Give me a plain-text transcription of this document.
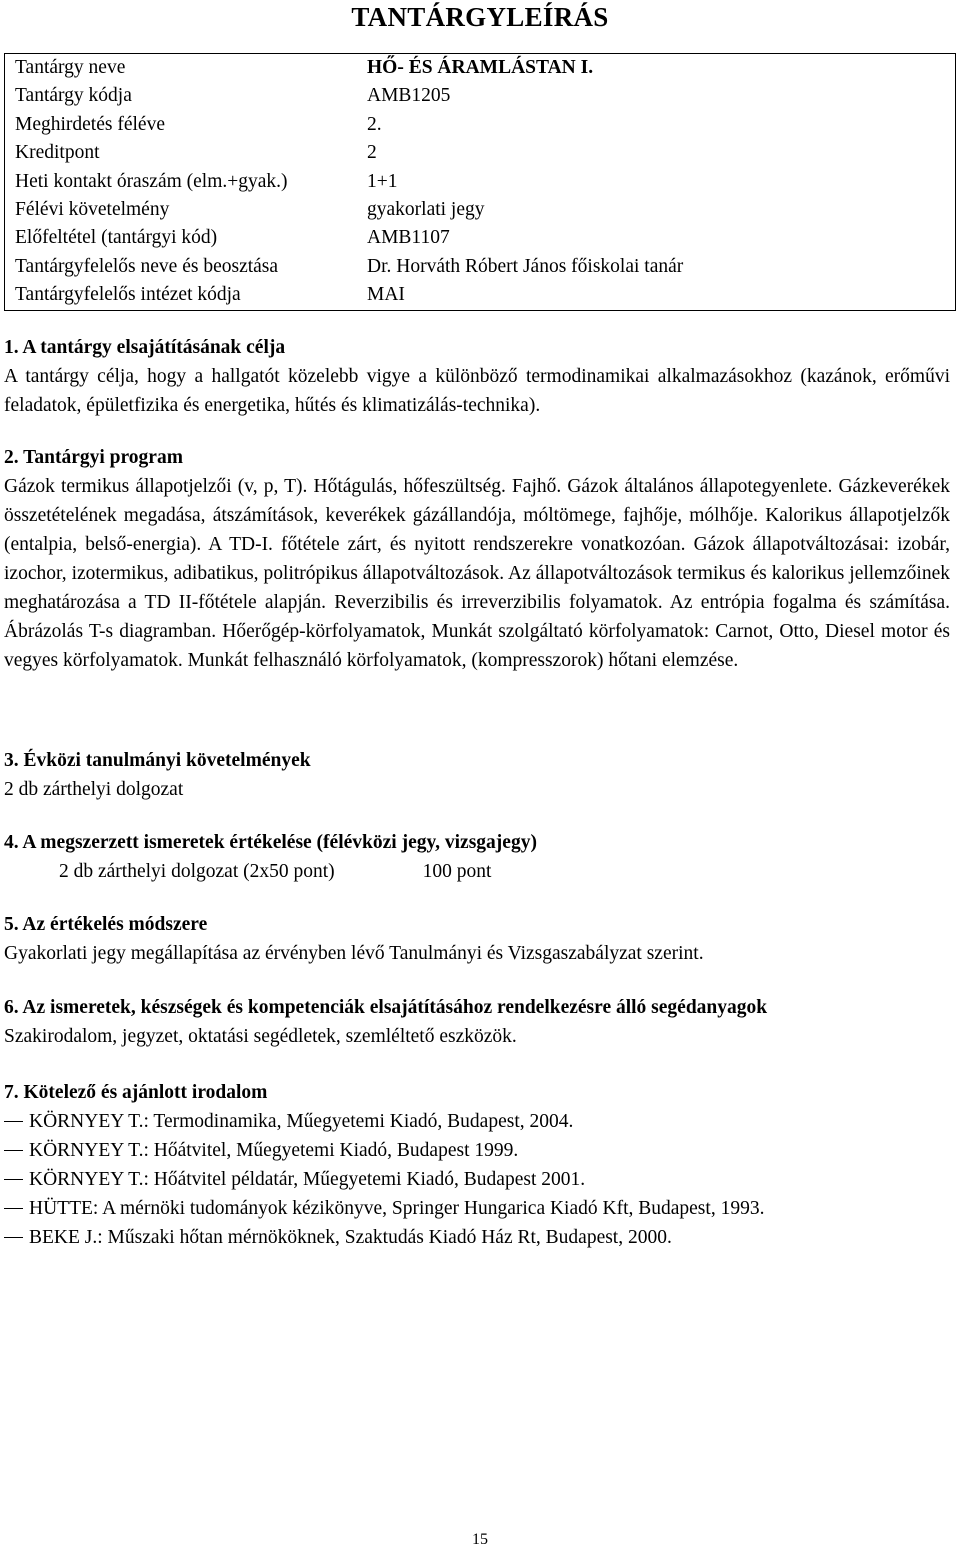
TANTÁRGYLEÍRÁS
Tantárgy neve	HŐ- ÉS ÁRAMLÁSTAN I.
Tantárgy kódja	AMB1205
Meghirdetés féléve	2.
Kreditpont	2
Heti kontakt óraszám (elm.+gyak.)	1+1
Félévi követelmény	gyakorlati jegy
Előfeltétel (tantárgyi kód)	AMB1107
Tantárgyfelelős neve és beosztása	Dr. Horváth Róbert János főiskolai tanár
Tantárgyfelelős intézet kódja	MAI
1. A tantárgy elsajátításának célja

A tantárgy célja, hogy a hallgatót közelebb vigye a különböző termodinamikai alkalmazásokhoz (kazánok, erőművi feladatok, épületfizika és energetika, hűtés és klimatizálás-technika).

2. Tantárgyi program

Gázok termikus állapotjelzői (v, p, T). Hőtágulás, hőfeszültség. Fajhő. Gázok általános állapotegyenlete. Gázkeverékek összetételének megadása, átszámítások, keverékek gázállandója, móltömege, fajhője, mólhője. Kalorikus állapotjelzők (entalpia, belső-energia). A TD-I. főtétele zárt, és nyitott rendszerekre vonatkozóan. Gázok állapotváltozásai: izobár, izochor, izotermikus, adibatikus, politrópikus állapotváltozások. Az állapotváltozások termikus és kalorikus jellemzőinek meghatározása a TD II-főtétele alapján. Reverzibilis és irreverzibilis folyamatok. Az entrópia fogalma és számítása. Ábrázolás T-s diagramban. Hőerőgép-körfolyamatok, Munkát szolgáltató körfolyamatok: Carnot, Otto, Diesel motor és vegyes körfolyamatok. Munkát felhasználó körfolyamatok, (kompresszorok) hőtani elemzése.

3. Évközi tanulmányi követelmények

2 db zárthelyi dolgozat

4. A megszerzett ismeretek értékelése (félévközi jegy, vizsgajegy)
2 db zárthelyi dolgozat (2x50 pont)	100 pont
5. Az értékelés módszere

Gyakorlati jegy megállapítása az érvényben lévő Tanulmányi és Vizsgaszabályzat szerint.

6. Az ismeretek, készségek és kompetenciák elsajátításához rendelkezésre álló segédanyagok

Szakirodalom, jegyzet, oktatási segédletek, szemléltető eszközök.

7. Kötelező és ajánlott irodalom
KÖRNYEY T.: Termodinamika, Műegyetemi Kiadó, Budapest, 2004.
KÖRNYEY T.: Hőátvitel, Műegyetemi Kiadó, Budapest 1999.
KÖRNYEY T.: Hőátvitel példatár, Műegyetemi Kiadó, Budapest 2001.
HÜTTE: A mérnöki tudományok kézikönyve, Springer Hungarica Kiadó Kft, Budapest, 1993.
BEKE J.: Műszaki hőtan mérnököknek, Szaktudás Kiadó Ház Rt, Budapest, 2000.
15
